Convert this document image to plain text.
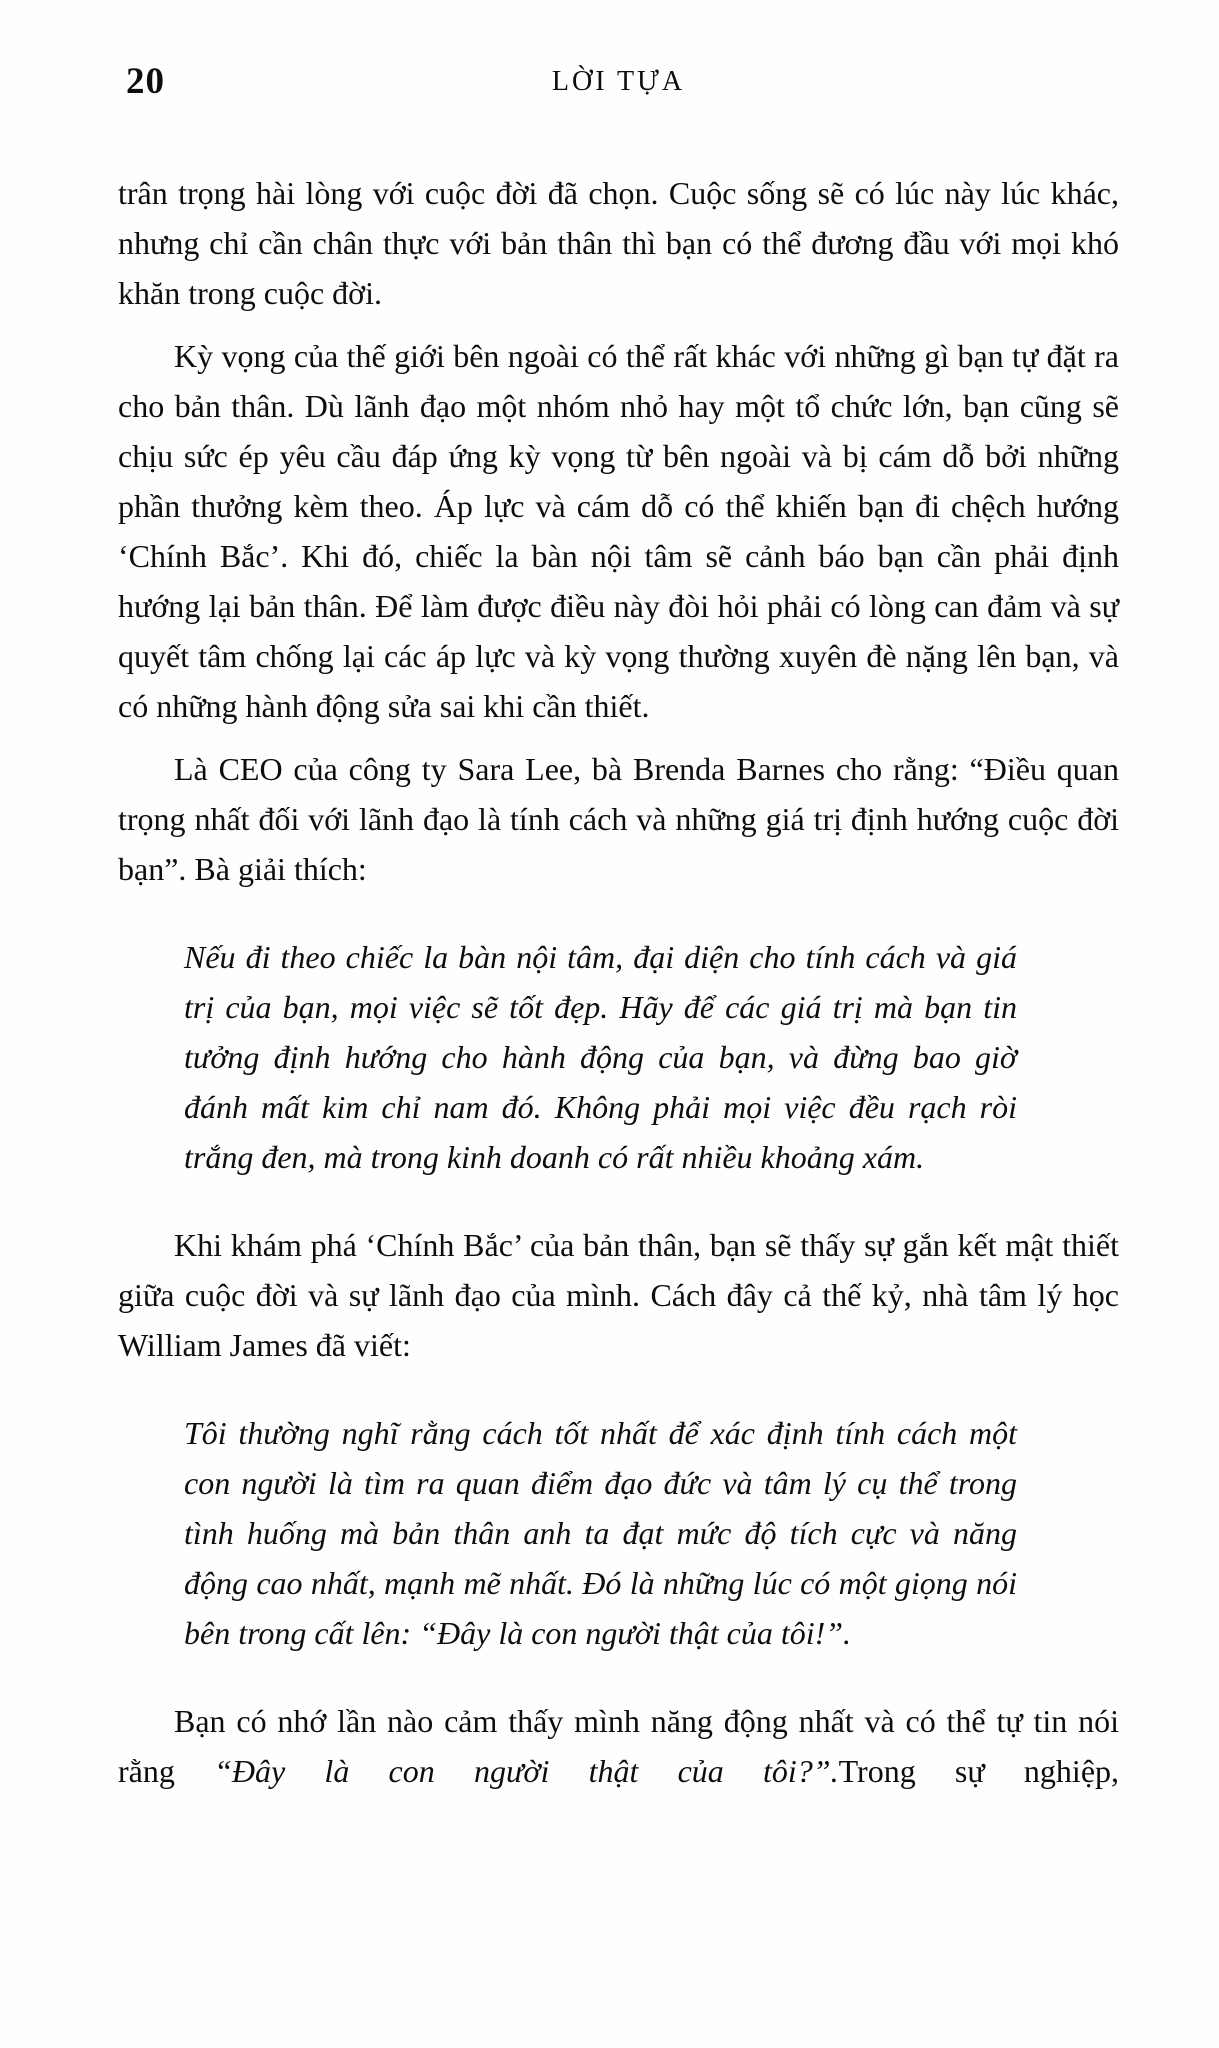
20	LỜI TỰA

trân trọng hài lòng với cuộc đời đã chọn. Cuộc sống sẽ có lúc này lúc khác, nhưng chỉ cần chân thực với bản thân thì bạn có thể đương đầu với mọi khó khăn trong cuộc đời.

Kỳ vọng của thế giới bên ngoài có thể rất khác với những gì bạn tự đặt ra cho bản thân. Dù lãnh đạo một nhóm nhỏ hay một tổ chức lớn, bạn cũng sẽ chịu sức ép yêu cầu đáp ứng kỳ vọng từ bên ngoài và bị cám dỗ bởi những phần thưởng kèm theo. Áp lực và cám dỗ có thể khiến bạn đi chệch hướng ‘Chính Bắc’. Khi đó, chiếc la bàn nội tâm sẽ cảnh báo bạn cần phải định hướng lại bản thân. Để làm được điều này đòi hỏi phải có lòng can đảm và sự quyết tâm chống lại các áp lực và kỳ vọng thường xuyên đè nặng lên bạn, và có những hành động sửa sai khi cần thiết.

Là CEO của công ty Sara Lee, bà Brenda Barnes cho rằng: “Điều quan trọng nhất đối với lãnh đạo là tính cách và những giá trị định hướng cuộc đời bạn”. Bà giải thích:

Nếu đi theo chiếc la bàn nội tâm, đại diện cho tính cách và giá trị của bạn, mọi việc sẽ tốt đẹp. Hãy để các giá trị mà bạn tin tưởng định hướng cho hành động của bạn, và đừng bao giờ đánh mất kim chỉ nam đó. Không phải mọi việc đều rạch ròi trắng đen, mà trong kinh doanh có rất nhiều khoảng xám.

Khi khám phá ‘Chính Bắc’ của bản thân, bạn sẽ thấy sự gắn kết mật thiết giữa cuộc đời và sự lãnh đạo của mình. Cách đây cả thế kỷ, nhà tâm lý học William James đã viết:

Tôi thường nghĩ rằng cách tốt nhất để xác định tính cách một con người là tìm ra quan điểm đạo đức và tâm lý cụ thể trong tình huống mà bản thân anh ta đạt mức độ tích cực và năng động cao nhất, mạnh mẽ nhất. Đó là những lúc có một giọng nói bên trong cất lên: “Đây là con người thật của tôi!”.

Bạn có nhớ lần nào cảm thấy mình năng động nhất và có thể tự tin nói rằng “Đây là con người thật của tôi?”.Trong sự nghiệp,
